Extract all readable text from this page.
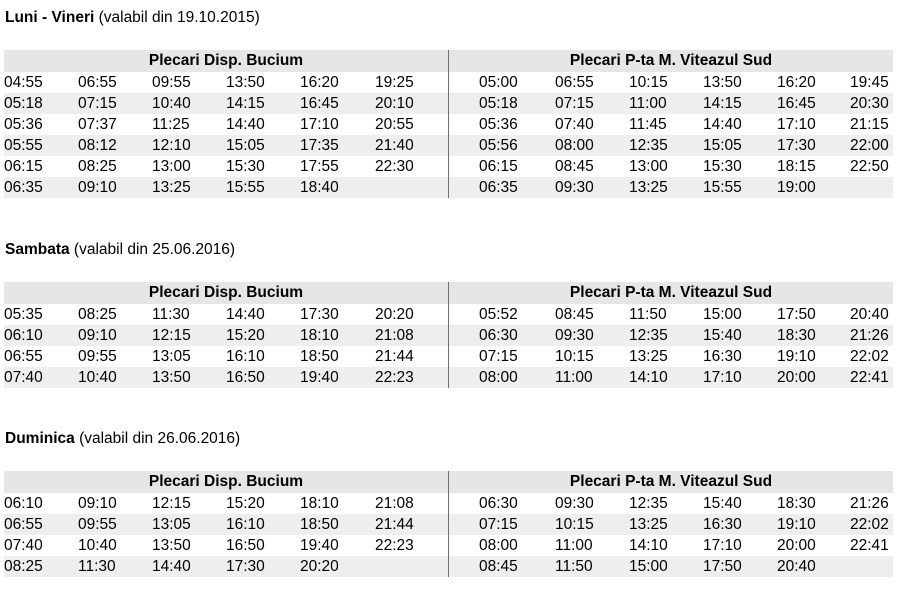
Luni - Vineri (valabil din 19.10.2015)
Plecari Disp. Bucium	Plecari P-ta M. Viteazul Sud
04:55 06:55 09:55 13:50 16:20 19:25	05:00 06:55 10:15 13:50 16:20 19:45
05:18 07:15 10:40 14:15 16:45 20:10	05:18 07:15 11:00 14:15 16:45 20:30
05:36 07:37 11:25 14:40 17:10 20:55	05:36 07:40 11:45 14:40 17:10 21:15
05:55 08:12 12:10 15:05 17:35 21:40	05:56 08:00 12:35 15:05 17:30 22:00
06:15 08:25 13:00 15:30 17:55 22:30	06:15 08:45 13:00 15:30 18:15 22:50
06:35 09:10 13:25 15:55 18:40	06:35 09:30 13:25 15:55 19:00
Sambata (valabil din 25.06.2016)
Plecari Disp. Bucium	Plecari P-ta M. Viteazul Sud
05:35 08:25 11:30 14:40 17:30 20:20	05:52 08:45 11:50 15:00 17:50 20:40
06:10 09:10 12:15 15:20 18:10 21:08	06:30 09:30 12:35 15:40 18:30 21:26
06:55 09:55 13:05 16:10 18:50 21:44	07:15 10:15 13:25 16:30 19:10 22:02
07:40 10:40 13:50 16:50 19:40 22:23	08:00 11:00 14:10 17:10 20:00 22:41
Duminica (valabil din 26.06.2016)
Plecari Disp. Bucium	Plecari P-ta M. Viteazul Sud
06:10 09:10 12:15 15:20 18:10 21:08	06:30 09:30 12:35 15:40 18:30 21:26
06:55 09:55 13:05 16:10 18:50 21:44	07:15 10:15 13:25 16:30 19:10 22:02
07:40 10:40 13:50 16:50 19:40 22:23	08:00 11:00 14:10 17:10 20:00 22:41
08:25 11:30 14:40 17:30 20:20	08:45 11:50 15:00 17:50 20:40
